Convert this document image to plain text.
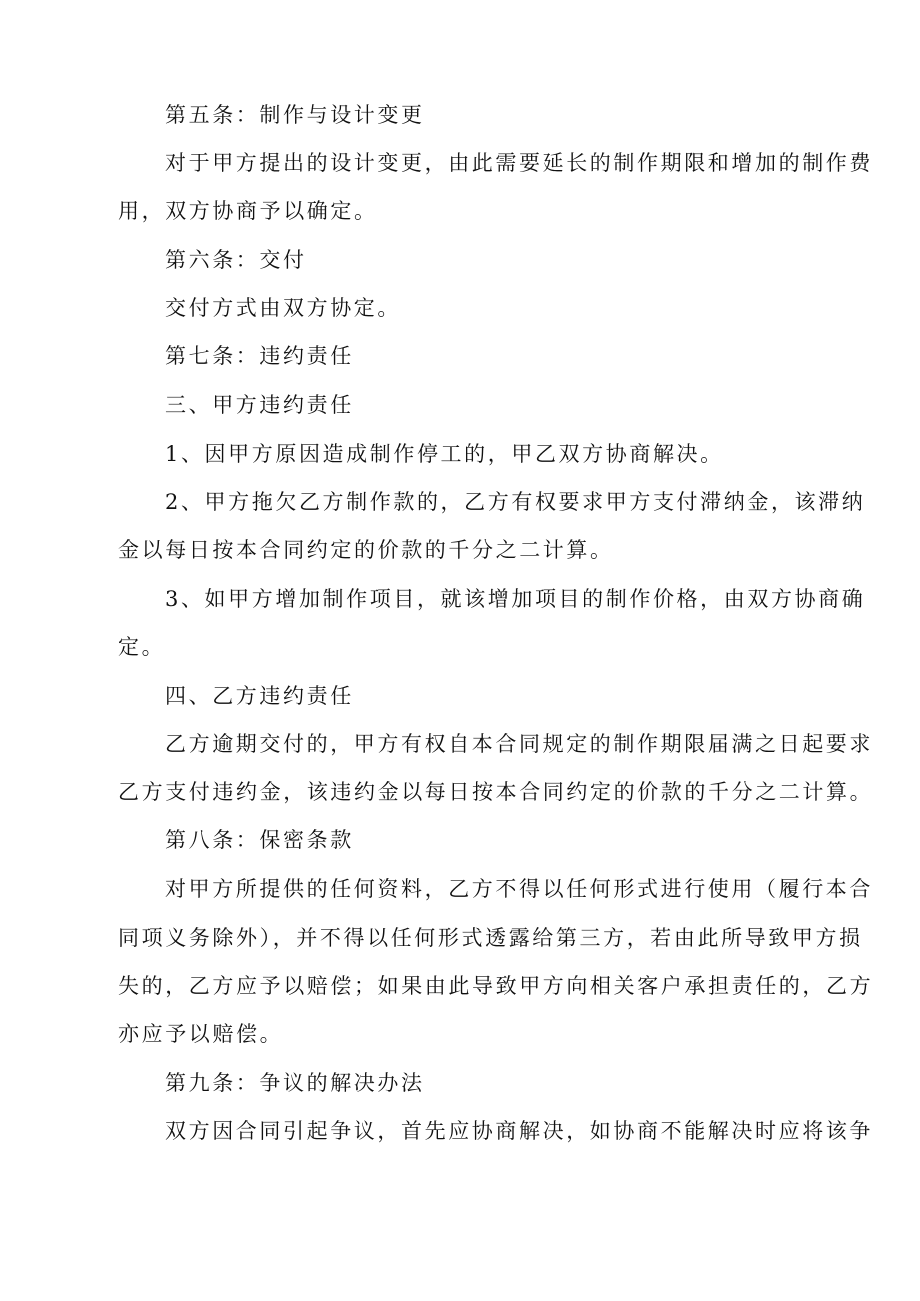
第五条：制作与设计变更
对于甲方提出的设计变更，由此需要延长的制作期限和增加的制作费
用，双方协商予以确定。
第六条：交付
交付方式由双方协定。
第七条：违约责任
三、甲方违约责任
1、因甲方原因造成制作停工的，甲乙双方协商解决。
2、甲方拖欠乙方制作款的，乙方有权要求甲方支付滞纳金，该滞纳
金以每日按本合同约定的价款的千分之二计算。
3、如甲方增加制作项目，就该增加项目的制作价格，由双方协商确
定。
四、乙方违约责任
乙方逾期交付的，甲方有权自本合同规定的制作期限届满之日起要求
乙方支付违约金，该违约金以每日按本合同约定的价款的千分之二计算。
第八条：保密条款
对甲方所提供的任何资料，乙方不得以任何形式进行使用（履行本合
同项义务除外），并不得以任何形式透露给第三方，若由此所导致甲方损
失的，乙方应予以赔偿；如果由此导致甲方向相关客户承担责任的，乙方
亦应予以赔偿。
第九条：争议的解决办法
双方因合同引起争议，首先应协商解决，如协商不能解决时应将该争
